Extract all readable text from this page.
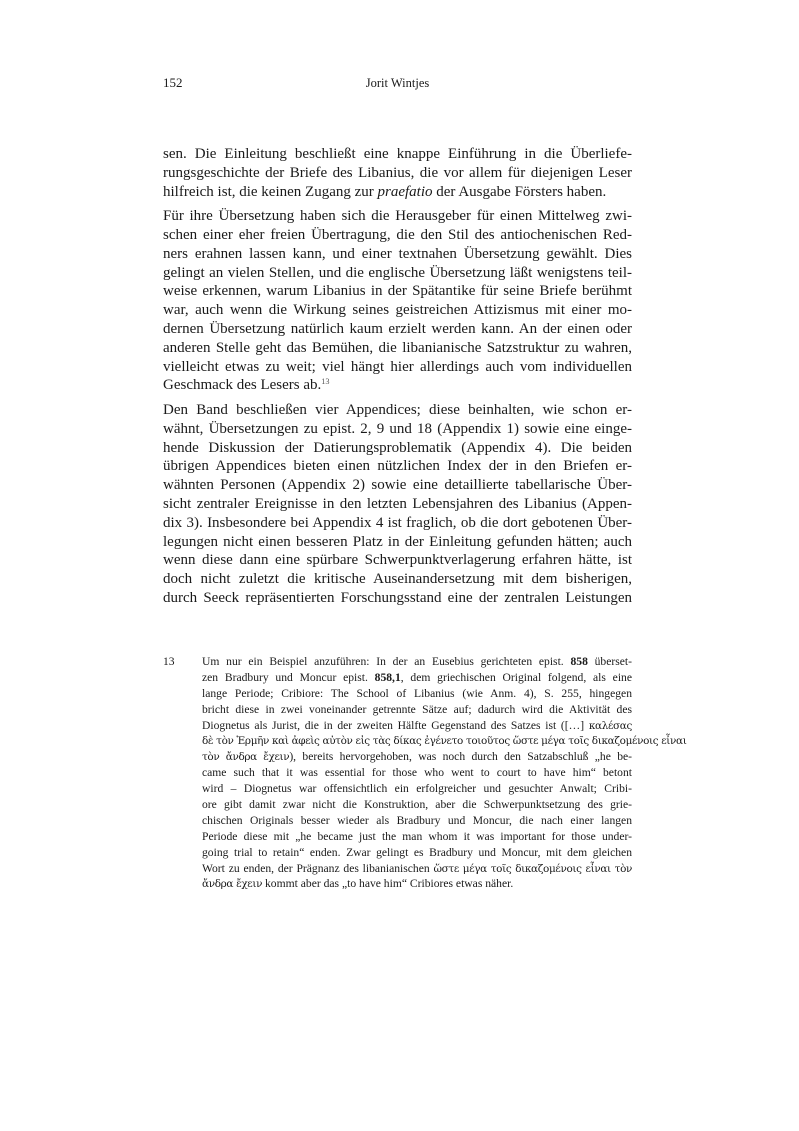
152	Jorit Wintjes
sen. Die Einleitung beschließt eine knappe Einführung in die Überliefe-
rungsgeschichte der Briefe des Libanius, die vor allem für diejenigen Leser
hilfreich ist, die keinen Zugang zur praefatio der Ausgabe Försters haben.
Für ihre Übersetzung haben sich die Herausgeber für einen Mittelweg zwi-
schen einer eher freien Übertragung, die den Stil des antiochenischen Red-
ners erahnen lassen kann, und einer textnahen Übersetzung gewählt. Dies
gelingt an vielen Stellen, und die englische Übersetzung läßt wenigstens teil-
weise erkennen, warum Libanius in der Spätantike für seine Briefe berühmt
war, auch wenn die Wirkung seines geistreichen Attizismus mit einer mo-
dernen Übersetzung natürlich kaum erzielt werden kann. An der einen oder
anderen Stelle geht das Bemühen, die libanianische Satzstruktur zu wahren,
vielleicht etwas zu weit; viel hängt hier allerdings auch vom individuellen
Geschmack des Lesers ab.$^{13}$
Den Band beschließen vier Appendices; diese beinhalten, wie schon er-
wähnt, Übersetzungen zu epist. 2, 9 und 18 (Appendix 1) sowie eine einge-
hende Diskussion der Datierungsproblematik (Appendix 4). Die beiden
übrigen Appendices bieten einen nützlichen Index der in den Briefen er-
wähnten Personen (Appendix 2) sowie eine detaillierte tabellarische Über-
sicht zentraler Ereignisse in den letzten Lebensjahren des Libanius (Appen-
dix 3). Insbesondere bei Appendix 4 ist fraglich, ob die dort gebotenen Über-
legungen nicht einen besseren Platz in der Einleitung gefunden hätten; auch
wenn diese dann eine spürbare Schwerpunktverlagerung erfahren hätte, ist
doch nicht zuletzt die kritische Auseinandersetzung mit dem bisherigen,
durch Seeck repräsentierten Forschungsstand eine der zentralen Leistungen
13 Um nur ein Beispiel anzuführen: In der an Eusebius gerichteten epist. 858 überset-
zen Bradbury und Moncur epist. 858,1, dem griechischen Original folgend, als eine
lange Periode; Cribiore: The School of Libanius (wie Anm. 4), S. 255, hingegen
bricht diese in zwei voneinander getrennte Sätze auf; dadurch wird die Aktivität des
Diognetus als Jurist, die in der zweiten Hälfte Gegenstand des Satzes ist ([…] καλέσας
δὲ τὸν Ἑρμῆν καὶ ἀφεὶς αὐτὸν εἰς τὰς δίκας ἐγένετο τοιοῦτος ὥστε μέγα τοῖς δικαζομένοις εἶναι
τὸν ἄνδρα ἔχειν), bereits hervorgehoben, was noch durch den Satzabschluß „he be-
came such that it was essential for those who went to court to have him“ betont
wird – Diognetus war offensichtlich ein erfolgreicher und gesuchter Anwalt; Cribi-
ore gibt damit zwar nicht die Konstruktion, aber die Schwerpunktsetzung des grie-
chischen Originals besser wieder als Bradbury und Moncur, die nach einer langen
Periode diese mit „he became just the man whom it was important for those under-
going trial to retain“ enden. Zwar gelingt es Bradbury und Moncur, mit dem gleichen
Wort zu enden, der Prägnanz des libanianischen ὥστε μέγα τοῖς δικαζομένοις εἶναι τὸν
ἄνδρα ἔχειν kommt aber das „to have him“ Cribiores etwas näher.
